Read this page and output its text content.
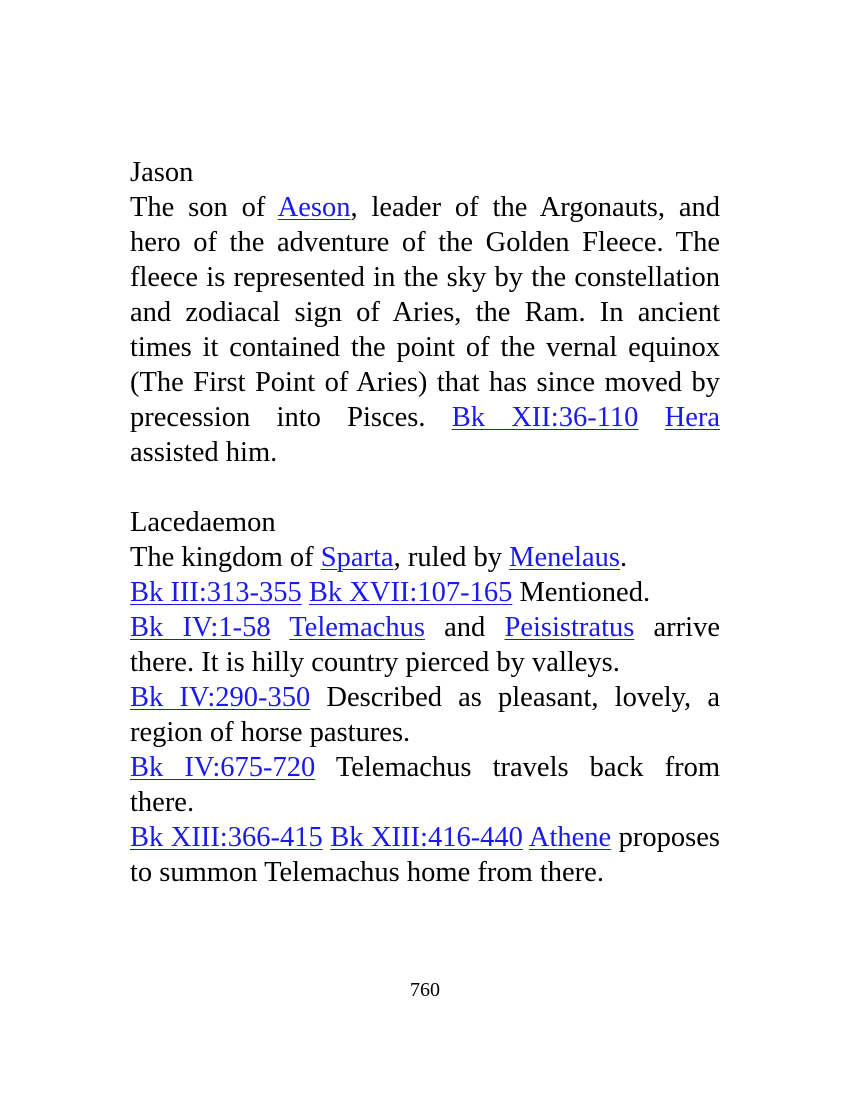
Jason

The son of Aeson, leader of the Argonauts, and hero of the adventure of the Golden Fleece. The fleece is represented in the sky by the constellation and zodiacal sign of Aries, the Ram. In ancient times it contained the point of the vernal equinox (The First Point of Aries) that has since moved by precession into Pisces. Bk XII:36-110 Hera assisted him.

Lacedaemon

The kingdom of Sparta, ruled by Menelaus.

Bk III:313-355 Bk XVII:107-165 Mentioned.

Bk IV:1-58 Telemachus and Peisistratus arrive there. It is hilly country pierced by valleys.

Bk IV:290-350 Described as pleasant, lovely, a region of horse pastures.

Bk IV:675-720 Telemachus travels back from there.

Bk XIII:366-415 Bk XIII:416-440 Athene proposes to summon Telemachus home from there.

760
